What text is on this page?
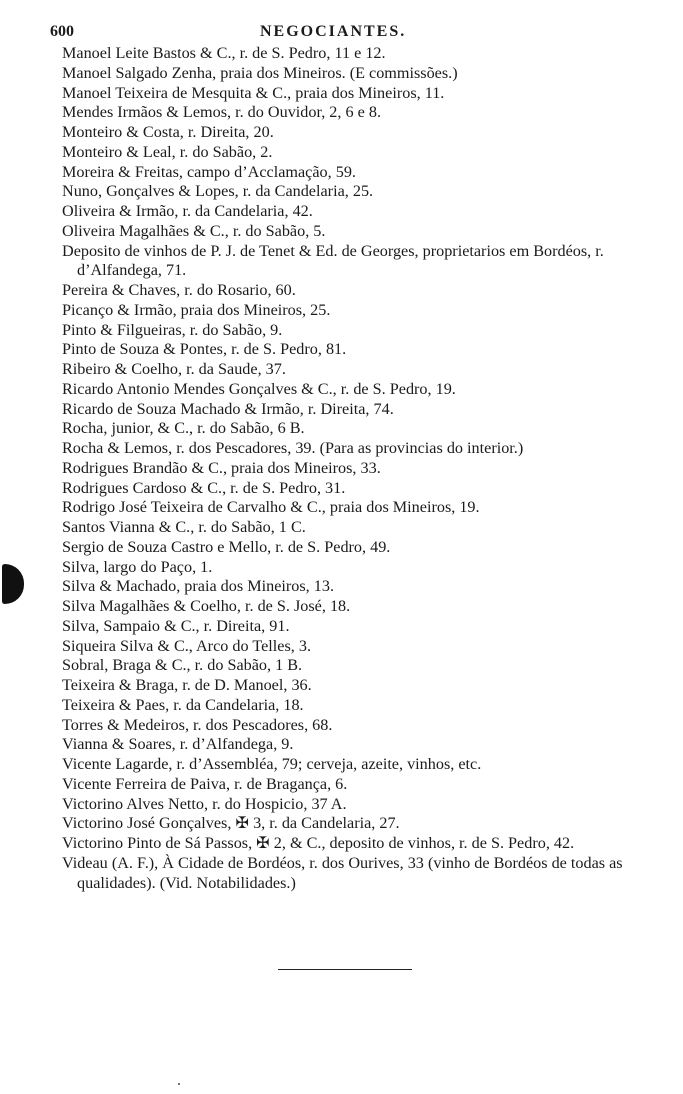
600	NEGOCIANTES.
Manoel Leite Bastos & C., r. de S. Pedro, 11 e 12.
Manoel Salgado Zenha, praia dos Mineiros. (E commissões.)
Manoel Teixeira de Mesquita & C., praia dos Mineiros, 11.
Mendes Irmãos & Lemos, r. do Ouvidor, 2, 6 e 8.
Monteiro & Costa, r. Direita, 20.
Monteiro & Leal, r. do Sabão, 2.
Moreira & Freitas, campo d’Acclamação, 59.
Nuno, Gonçalves & Lopes, r. da Candelaria, 25.
Oliveira & Irmão, r. da Candelaria, 42.
Oliveira Magalhães & C., r. do Sabão, 5.
Deposito de vinhos de P. J. de Tenet & Ed. de Georges, proprietarios em Bordéos, r. d’Alfandega, 71.
Pereira & Chaves, r. do Rosario, 60.
Picanço & Irmão, praia dos Mineiros, 25.
Pinto & Filgueiras, r. do Sabão, 9.
Pinto de Souza & Pontes, r. de S. Pedro, 81.
Ribeiro & Coelho, r. da Saude, 37.
Ricardo Antonio Mendes Gonçalves & C., r. de S. Pedro, 19.
Ricardo de Souza Machado & Irmão, r. Direita, 74.
Rocha, junior, & C., r. do Sabão, 6 B.
Rocha & Lemos, r. dos Pescadores, 39. (Para as provincias do interior.)
Rodrigues Brandão & C., praia dos Mineiros, 33.
Rodrigues Cardoso & C., r. de S. Pedro, 31.
Rodrigo José Teixeira de Carvalho & C., praia dos Mineiros, 19.
Santos Vianna & C., r. do Sabão, 1 C.
Sergio de Souza Castro e Mello, r. de S. Pedro, 49.
Silva, largo do Paço, 1.
Silva & Machado, praia dos Mineiros, 13.
Silva Magalhães & Coelho, r. de S. José, 18.
Silva, Sampaio & C., r. Direita, 91.
Siqueira Silva & C., Arco do Telles, 3.
Sobral, Braga & C., r. do Sabão, 1 B.
Teixeira & Braga, r. de D. Manoel, 36.
Teixeira & Paes, r. da Candelaria, 18.
Torres & Medeiros, r. dos Pescadores, 68.
Vianna & Soares, r. d’Alfandega, 9.
Vicente Lagarde, r. d’Assembléa, 79; cerveja, azeite, vinhos, etc.
Vicente Ferreira de Paiva, r. de Bragança, 6.
Victorino Alves Netto, r. do Hospicio, 37 A.
Victorino José Gonçalves, ✠ 3, r. da Candelaria, 27.
Victorino Pinto de Sá Passos, ✠ 2, & C., deposito de vinhos, r. de S. Pedro, 42.
Videau (A. F.), À Cidade de Bordéos, r. dos Ourives, 33 (vinho de Bordéos de todas as qualidades). (Vid. Notabilidades.)
